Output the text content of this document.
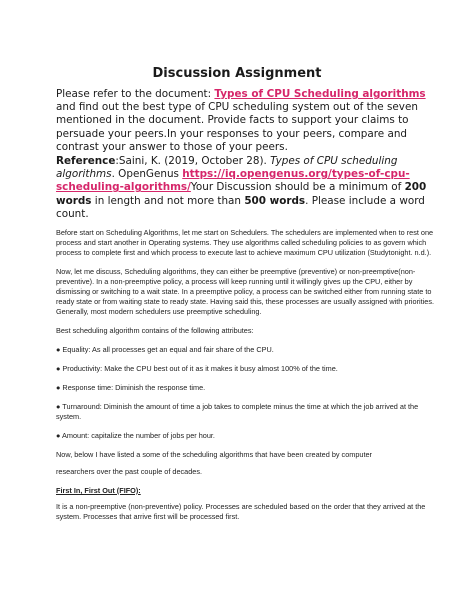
Discussion Assignment
Please refer to the document: Types of CPU Scheduling algorithms and find out the best type of CPU scheduling system out of the seven mentioned in the document. Provide facts to support your claims to persuade your peers.In your responses to your peers, compare and contrast your answer to those of your peers.
Reference:Saini, K. (2019, October 28). Types of CPU scheduling algorithms. OpenGenus https://iq.opengenus.org/types-of-cpu-scheduling-algorithms/Your Discussion should be a minimum of 200 words in length and not more than 500 words. Please include a word count.

Before start on Scheduling Algorithms, let me start on Schedulers. The schedulers are implemented when to rest one process and start another in Operating systems. They use algorithms called scheduling policies to as govern which process to complete first and which process to execute last to achieve maximum CPU utilization (Studytonight. n.d.).

Now, let me discuss, Scheduling algorithms, they can either be preemptive (preventive) or non-preemptive(non-preventive). In a non-preemptive policy, a process will keep running until it willingly gives up the CPU, either by dismissing or switching to a wait state. In a preemptive policy, a process can be switched either from running state to ready state or from waiting state to ready state. Having said this, these processes are usually assigned with priorities. Generally, most modern schedulers use preemptive scheduling.

Best scheduling algorithm contains of the following attributes:

● Equality: As all processes get an equal and fair share of the CPU.

● Productivity: Make the CPU best out of it as it makes it busy almost 100% of the time.

● Response time: Diminish the response time.

● Turnaround: Diminish the amount of time a job takes to complete minus the time at which the job arrived at the system.

● Amount: capitalize the number of jobs per hour.

Now, below I have listed a some of the scheduling algorithms that have been created by computer

researchers over the past couple of decades.

First In, First Out (FIFO):

It is a non-preemptive (non-preventive) policy. Processes are scheduled based on the order that they arrived at the system. Processes that arrive first will be processed first.
